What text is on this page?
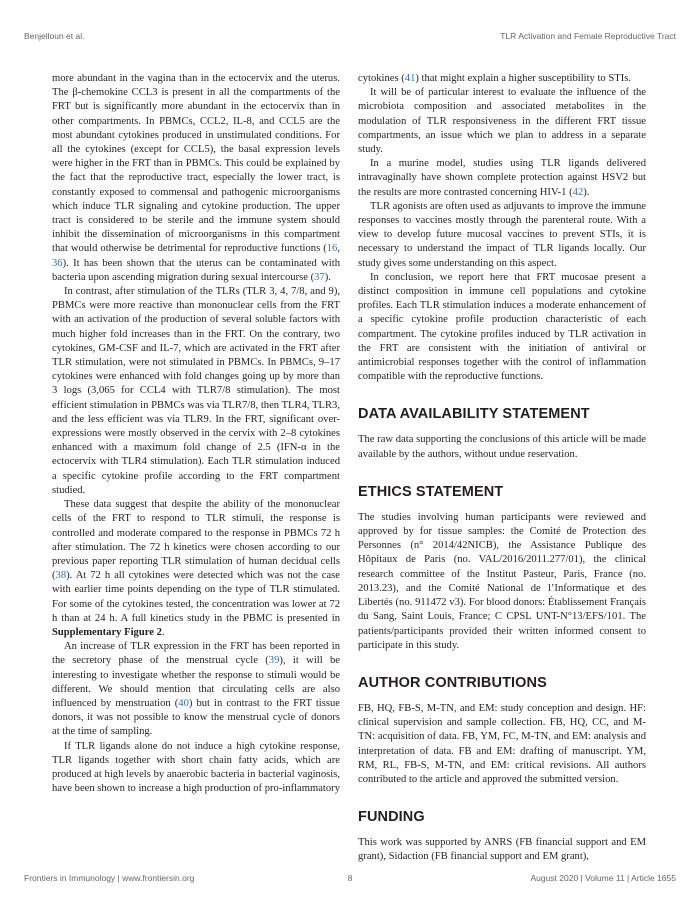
Benjelloun et al.	TLR Activation and Female Reproductive Tract

more abundant in the vagina than in the ectocervix and the uterus. The β-chemokine CCL3 is present in all the compartments of the FRT but is significantly more abundant in the ectocervix than in other compartments. In PBMCs, CCL2, IL-8, and CCL5 are the most abundant cytokines produced in unstimulated conditions. For all the cytokines (except for CCL5), the basal expression levels were higher in the FRT than in PBMCs. This could be explained by the fact that the reproductive tract, especially the lower tract, is constantly exposed to commensal and pathogenic microorganisms which induce TLR signaling and cytokine production. The upper tract is considered to be sterile and the immune system should inhibit the dissemination of microorganisms in this compartment that would otherwise be detrimental for reproductive functions (16, 36). It has been shown that the uterus can be contaminated with bacteria upon ascending migration during sexual intercourse (37).

In contrast, after stimulation of the TLRs (TLR 3, 4, 7/8, and 9), PBMCs were more reactive than mononuclear cells from the FRT with an activation of the production of several soluble factors with much higher fold increases than in the FRT. On the contrary, two cytokines, GM-CSF and IL-7, which are activated in the FRT after TLR stimulation, were not stimulated in PBMCs. In PBMCs, 9–17 cytokines were enhanced with fold changes going up by more than 3 logs (3,065 for CCL4 with TLR7/8 stimulation). The most efficient stimulation in PBMCs was via TLR7/8, then TLR4, TLR3, and the less efficient was via TLR9. In the FRT, significant over-expressions were mostly observed in the cervix with 2–8 cytokines enhanced with a maximum fold change of 2.5 (IFN-α in the ectocervix with TLR4 stimulation). Each TLR stimulation induced a specific cytokine profile according to the FRT compartment studied.

These data suggest that despite the ability of the mononuclear cells of the FRT to respond to TLR stimuli, the response is controlled and moderate compared to the response in PBMCs 72 h after stimulation. The 72 h kinetics were chosen according to our previous paper reporting TLR stimulation of human decidual cells (38). At 72 h all cytokines were detected which was not the case with earlier time points depending on the type of TLR stimulated. For some of the cytokines tested, the concentration was lower at 72 h than at 24 h. A full kinetics study in the PBMC is presented in Supplementary Figure 2.

An increase of TLR expression in the FRT has been reported in the secretory phase of the menstrual cycle (39), it will be interesting to investigate whether the response to stimuli would be different. We should mention that circulating cells are also influenced by menstruation (40) but in contrast to the FRT tissue donors, it was not possible to know the menstrual cycle of donors at the time of sampling.

If TLR ligands alone do not induce a high cytokine response, TLR ligands together with short chain fatty acids, which are produced at high levels by anaerobic bacteria in bacterial vaginosis, have been shown to increase a high production of pro-inflammatory

cytokines (41) that might explain a higher susceptibility to STIs.

It will be of particular interest to evaluate the influence of the microbiota composition and associated metabolites in the modulation of TLR responsiveness in the different FRT tissue compartments, an issue which we plan to address in a separate study.

In a murine model, studies using TLR ligands delivered intravaginally have shown complete protection against HSV2 but the results are more contrasted concerning HIV-1 (42).

TLR agonists are often used as adjuvants to improve the immune responses to vaccines mostly through the parenteral route. With a view to develop future mucosal vaccines to prevent STIs, it is necessary to understand the impact of TLR ligands locally. Our study gives some understanding on this aspect.

In conclusion, we report here that FRT mucosae present a distinct composition in immune cell populations and cytokine profiles. Each TLR stimulation induces a moderate enhancement of a specific cytokine profile production characteristic of each compartment. The cytokine profiles induced by TLR activation in the FRT are consistent with the initiation of antiviral or antimicrobial responses together with the control of inflammation compatible with the reproductive functions.

DATA AVAILABILITY STATEMENT

The raw data supporting the conclusions of this article will be made available by the authors, without undue reservation.

ETHICS STATEMENT

The studies involving human participants were reviewed and approved by for tissue samples: the Comité de Protection des Personnes (n° 2014/42NICB), the Assistance Publique des Hôpitaux de Paris (no. VAL/2016/2011.277/01), the clinical research committee of the Institut Pasteur, Paris, France (no. 2013.23), and the Comité National de l’Informatique et des Libertés (no. 911472 v3). For blood donors: Établissement Français du Sang, Saint Louis, France; C CPSL UNT-N°13/EFS/101. The patients/participants provided their written informed consent to participate in this study.

AUTHOR CONTRIBUTIONS

FB, HQ, FB-S, M-TN, and EM: study conception and design. HF: clinical supervision and sample collection. FB, HQ, CC, and M-TN: acquisition of data. FB, YM, FC, M-TN, and EM: analysis and interpretation of data. FB and EM: drafting of manuscript. YM, RM, RL, FB-S, M-TN, and EM: critical revisions. All authors contributed to the article and approved the submitted version.

FUNDING

This work was supported by ANRS (FB financial support and EM grant), Sidaction (FB financial support and EM grant),

Frontiers in Immunology | www.frontiersin.org	8	August 2020 | Volume 11 | Article 1655
